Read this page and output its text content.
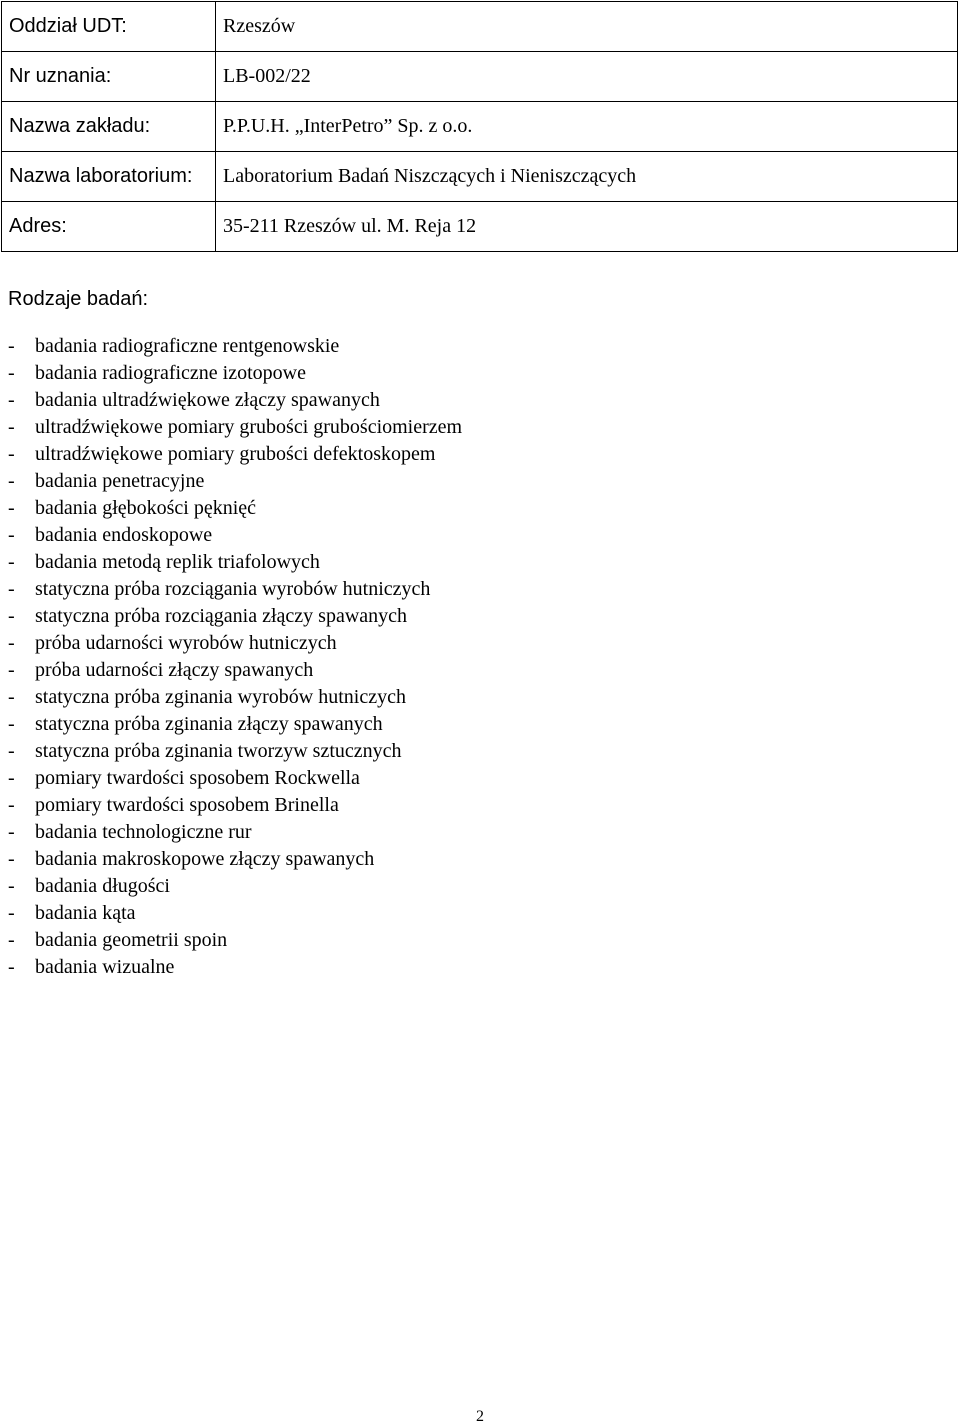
Oddział UDT:	Rzeszów
Nr uznania:	LB-002/22
Nazwa zakładu:	P.P.U.H. „InterPetro” Sp. z o.o.
Nazwa laboratorium:	Laboratorium Badań Niszczących i Nieniszczących
Adres:	35-211 Rzeszów ul. M. Reja 12
Rodzaje badań:
-	badania radiograficzne rentgenowskie
-	badania radiograficzne izotopowe
-	badania ultradźwiękowe złączy spawanych
-	ultradźwiękowe pomiary grubości grubościomierzem
-	ultradźwiękowe pomiary grubości defektoskopem
-	badania penetracyjne
-	badania głębokości pęknięć
-	badania endoskopowe
-	badania metodą replik triafolowych
-	statyczna próba rozciągania wyrobów hutniczych
-	statyczna próba rozciągania złączy spawanych
-	próba udarności wyrobów hutniczych
-	próba udarności złączy spawanych
-	statyczna próba zginania wyrobów hutniczych
-	statyczna próba zginania złączy spawanych
-	statyczna próba zginania tworzyw sztucznych
-	pomiary twardości sposobem Rockwella
-	pomiary twardości sposobem Brinella
-	badania technologiczne rur
-	badania makroskopowe złączy spawanych
-	badania długości
-	badania kąta
-	badania geometrii spoin
-	badania wizualne
2
